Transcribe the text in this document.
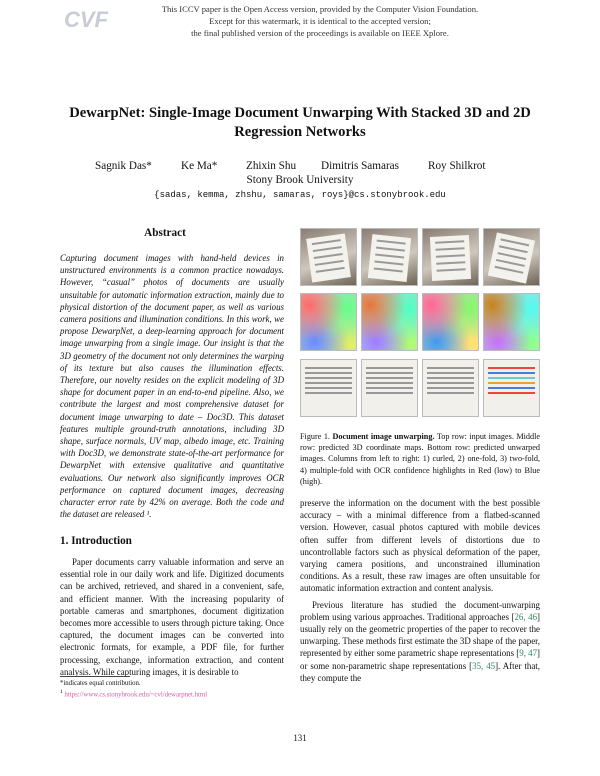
CVF	This ICCV paper is the Open Access version, provided by the Computer Vision Foundation.
Except for this watermark, it is identical to the accepted version;
the final published version of the proceedings is available on IEEE Xplore.
DewarpNet: Single-Image Document Unwarping With Stacked 3D and 2D Regression Networks
Sagnik Das*	Ke Ma*	Zhixin Shu Dimitris Samaras	Roy Shilkrot
Stony Brook University
{sadas, kemma, zhshu, samaras, roys}@cs.stonybrook.edu
Abstract
Capturing document images with hand-held devices in unstructured environments is a common practice nowadays. However, “casual” photos of documents are usually unsuitable for automatic information extraction, mainly due to physical distortion of the document paper, as well as various camera positions and illumination conditions. In this work, we propose DewarpNet, a deep-learning approach for document image unwarping from a single image. Our insight is that the 3D geometry of the document not only determines the warping of its texture but also causes the illumination effects. Therefore, our novelty resides on the explicit modeling of 3D shape for document paper in an end-to-end pipeline. Also, we contribute the largest and most comprehensive dataset for document image unwarping to date – Doc3D. This dataset features multiple ground-truth annotations, including 3D shape, surface normals, UV map, albedo image, etc. Training with Doc3D, we demonstrate state-of-the-art performance for DewarpNet with extensive qualitative and quantitative evaluations. Our network also significantly improves OCR performance on captured document images, decreasing character error rate by 42% on average. Both the code and the dataset are released ¹.
1. Introduction

Paper documents carry valuable information and serve an essential role in our daily work and life. Digitized documents can be archived, retrieved, and shared in a convenient, safe, and efficient manner. With the increasing popularity of portable cameras and smartphones, document digitization becomes more accessible to users through picture taking. Once captured, the document images can be converted into electronic formats, for example, a PDF file, for further processing, exchange, information extraction, and content analysis. While capturing images, it is desirable to

*indicates equal contribution.
$^1$ https://www.cs.stonybrook.edu/~cvl/dewarpnet.html
Figure 1. Document image unwarping. Top row: input images. Middle row: predicted 3D coordinate maps. Bottom row: predicted unwarped images. Columns from left to right: 1) curled, 2) one-fold, 3) two-fold, 4) multiple-fold with OCR confidence highlights in Red (low) to Blue (high).

preserve the information on the document with the best possible accuracy – with a minimal difference from a flatbed-scanned version. However, casual photos captured with mobile devices often suffer from different levels of distortions due to uncontrollable factors such as physical deformation of the paper, varying camera positions, and unconstrained illumination conditions. As a result, these raw images are often unsuitable for automatic information extraction and content analysis.

Previous literature has studied the document-unwarping problem using various approaches. Traditional approaches [26, 46] usually rely on the geometric properties of the paper to recover the unwarping. These methods first estimate the 3D shape of the paper, represented by either some parametric shape representations [9, 47] or some non-parametric shape representations [35, 45]. After that, they compute the

131
